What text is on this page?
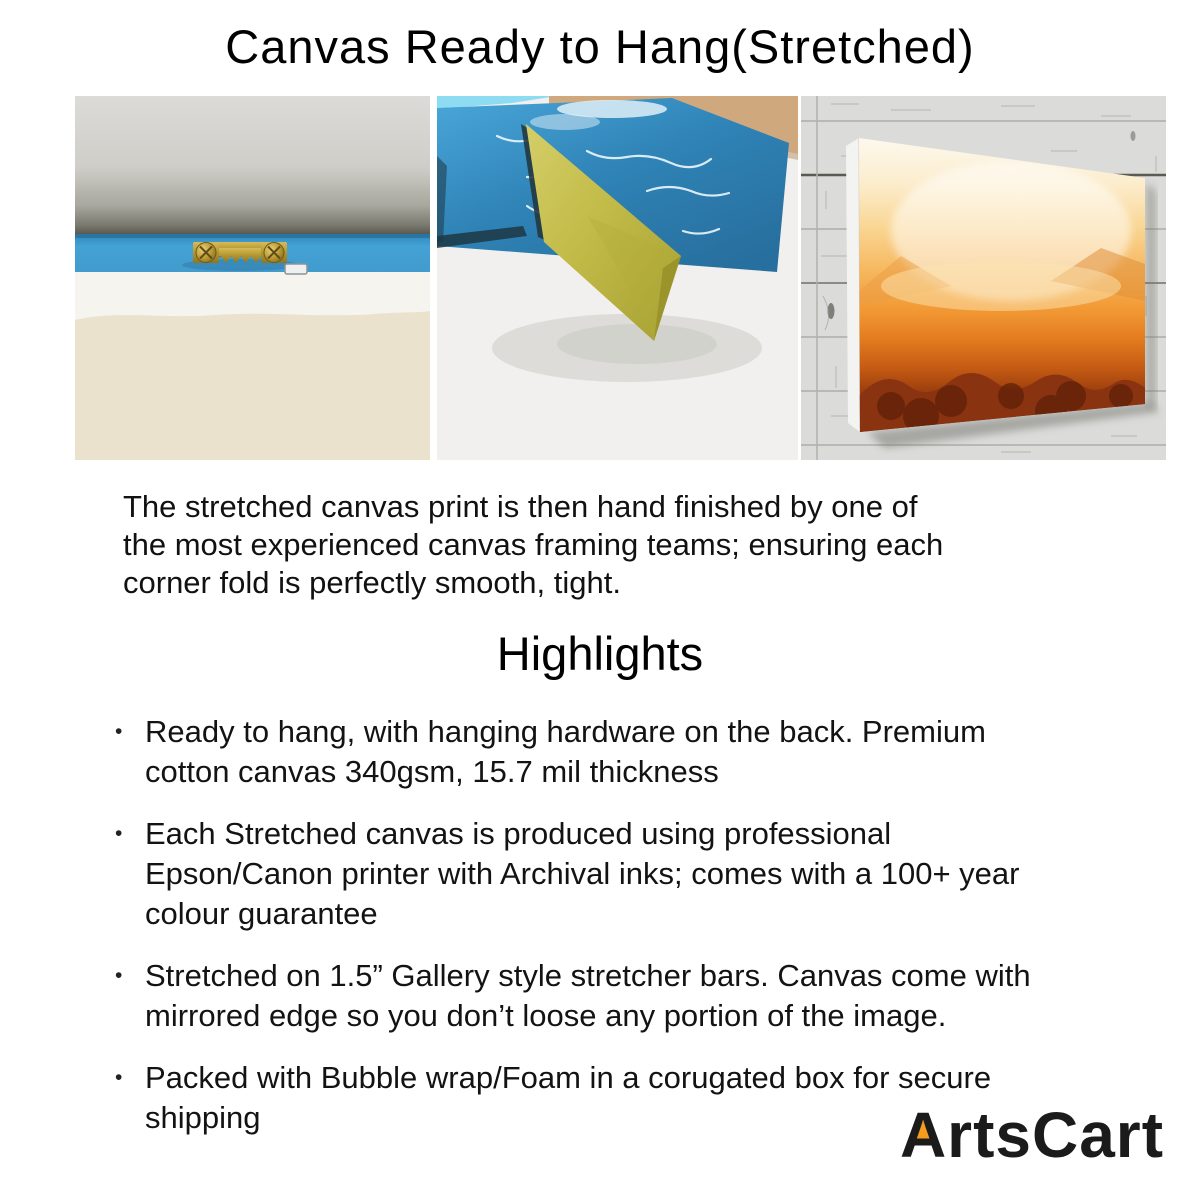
Canvas Ready to Hang(Stretched)

The stretched canvas print is then hand finished by one of the most experienced canvas framing teams; ensuring each corner fold is perfectly smooth, tight.

Highlights
• Ready to hang, with hanging hardware on the back. Premium cotton canvas 340gsm, 15.7 mil thickness
• Each Stretched canvas is produced using professional Epson/Canon printer with Archival inks; comes with a 100+ year colour guarantee
• Stretched on 1.5” Gallery style stretcher bars. Canvas come with mirrored edge so you don’t loose any portion of the image.
• Packed with Bubble wrap/Foam in a corugated box for secure shipping	A rtsCart
